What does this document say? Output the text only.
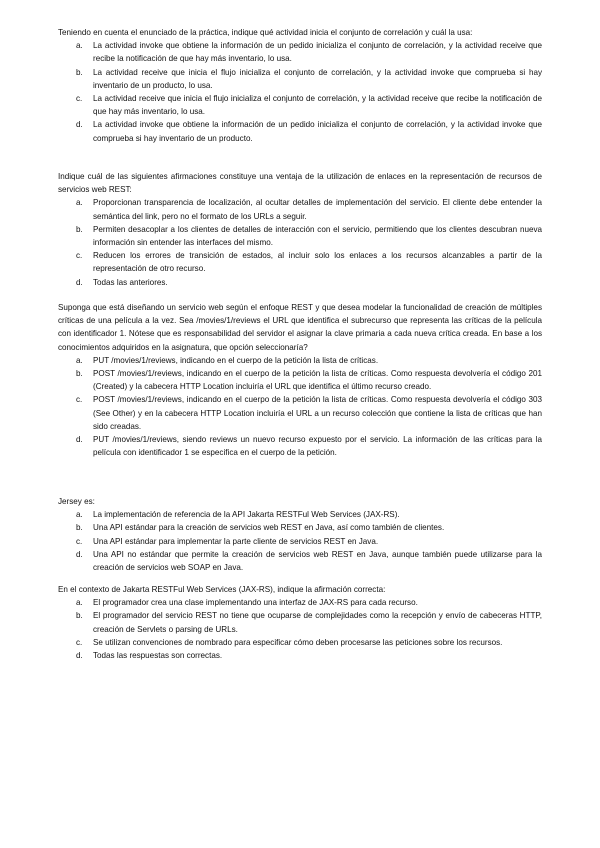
Teniendo en cuenta el enunciado de la práctica, indique qué actividad inicia el conjunto de correlación y cuál la usa:

a. La actividad invoke que obtiene la información de un pedido inicializa el conjunto de correlación, y la actividad receive que recibe la notificación de que hay más inventario, lo usa.
b. La actividad receive que inicia el flujo inicializa el conjunto de correlación, y la actividad invoke que comprueba si hay inventario de un producto, lo usa.
c. La actividad receive que inicia el flujo inicializa el conjunto de correlación, y la actividad receive que recibe la notificación de que hay más inventario, lo usa.
d. La actividad invoke que obtiene la información de un pedido inicializa el conjunto de correlación, y la actividad invoke que comprueba si hay inventario de un producto.

Indique cuál de las siguientes afirmaciones constituye una ventaja de la utilización de enlaces en la representación de recursos de servicios web REST:

a. Proporcionan transparencia de localización, al ocultar detalles de implementación del servicio. El cliente debe entender la semántica del link, pero no el formato de los URLs a seguir.
b. Permiten desacoplar a los clientes de detalles de interacción con el servicio, permitiendo que los clientes descubran nueva información sin entender las interfaces del mismo.
c. Reducen los errores de transición de estados, al incluir solo los enlaces a los recursos alcanzables a partir de la representación de otro recurso.
d. Todas las anteriores.

Suponga que está diseñando un servicio web según el enfoque REST y que desea modelar la funcionalidad de creación de múltiples críticas de una película a la vez. Sea /movies/1/reviews el URL que identifica el subrecurso que representa las críticas de la película con identificador 1. Nótese que es responsabilidad del servidor el asignar la clave primaria a cada nueva crítica creada. En base a los conocimientos adquiridos en la asignatura, que opción seleccionaría?

a. PUT /movies/1/reviews, indicando en el cuerpo de la petición la lista de críticas.
b. POST /movies/1/reviews, indicando en el cuerpo de la petición la lista de críticas. Como respuesta devolvería el código 201 (Created) y la cabecera HTTP Location incluiría el URL que identifica el último recurso creado.
c. POST /movies/1/reviews, indicando en el cuerpo de la petición la lista de críticas. Como respuesta devolvería el código 303 (See Other) y en la cabecera HTTP Location incluiría el URL a un recurso colección que contiene la lista de críticas que han sido creadas.
d. PUT /movies/1/reviews, siendo reviews un nuevo recurso expuesto por el servicio. La información de las críticas para la película con identificador 1 se especifica en el cuerpo de la petición.

Jersey es:

a. La implementación de referencia de la API Jakarta RESTFul Web Services (JAX-RS).
b. Una API estándar para la creación de servicios web REST en Java, así como también de clientes.
c. Una API estándar para implementar la parte cliente de servicios REST en Java.
d. Una API no estándar que permite la creación de servicios web REST en Java, aunque también puede utilizarse para la creación de servicios web SOAP en Java.

En el contexto de Jakarta RESTFul Web Services (JAX-RS), indique la afirmación correcta:

a. El programador crea una clase implementando una interfaz de JAX-RS para cada recurso.
b. El programador del servicio REST no tiene que ocuparse de complejidades como la recepción y envío de cabeceras HTTP, creación de Servlets o parsing de URLs.
c. Se utilizan convenciones de nombrado para especificar cómo deben procesarse las peticiones sobre los recursos.
d. Todas las respuestas son correctas.
